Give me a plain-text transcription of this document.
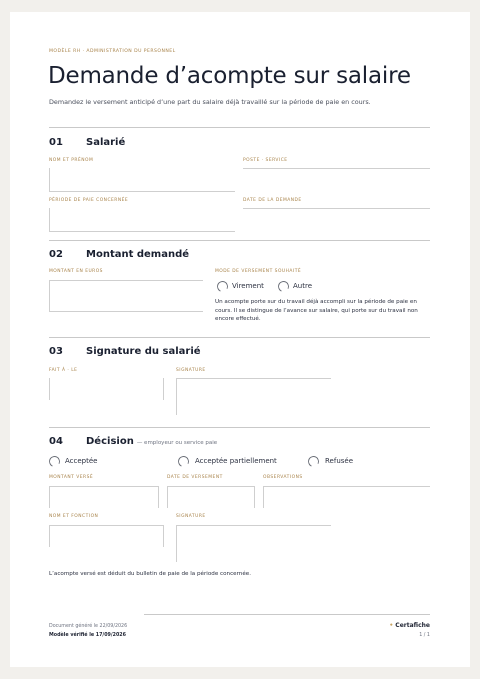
MODÈLE RH · ADMINISTRATION DU PERSONNEL
Demande d’acompte sur salaire

Demandez le versement anticipé d’une part du salaire déjà travaillé sur la période de paie en cours.

01 Salarié
NOM ET PRÉNOM	POSTE · SERVICE
PÉRIODE DE PAIE CONCERNÉE	DATE DE LA DEMANDE
02 Montant demandé
MONTANT EN EUROS	MODE DE VERSEMENT SOUHAITÉ
Virement	Autre

Un acompte porte sur du travail déjà accompli sur la période de paie en cours. Il se distingue de l’avance sur salaire, qui porte sur du travail non encore effectué.

03 Signature du salarié
FAIT À · LE	SIGNATURE
04 Décision — employeur ou service paie
Acceptée	Acceptée partiellement	Refusée
MONTANT VERSÉ	DATE DE VERSEMENT	OBSERVATIONS
NOM ET FONCTION	SIGNATURE

L’acompte versé est déduit du bulletin de paie de la période concernée.

Document généré le 22/09/2026
Modèle vérifié le 17/09/2026
• Certafiche
1 / 1
